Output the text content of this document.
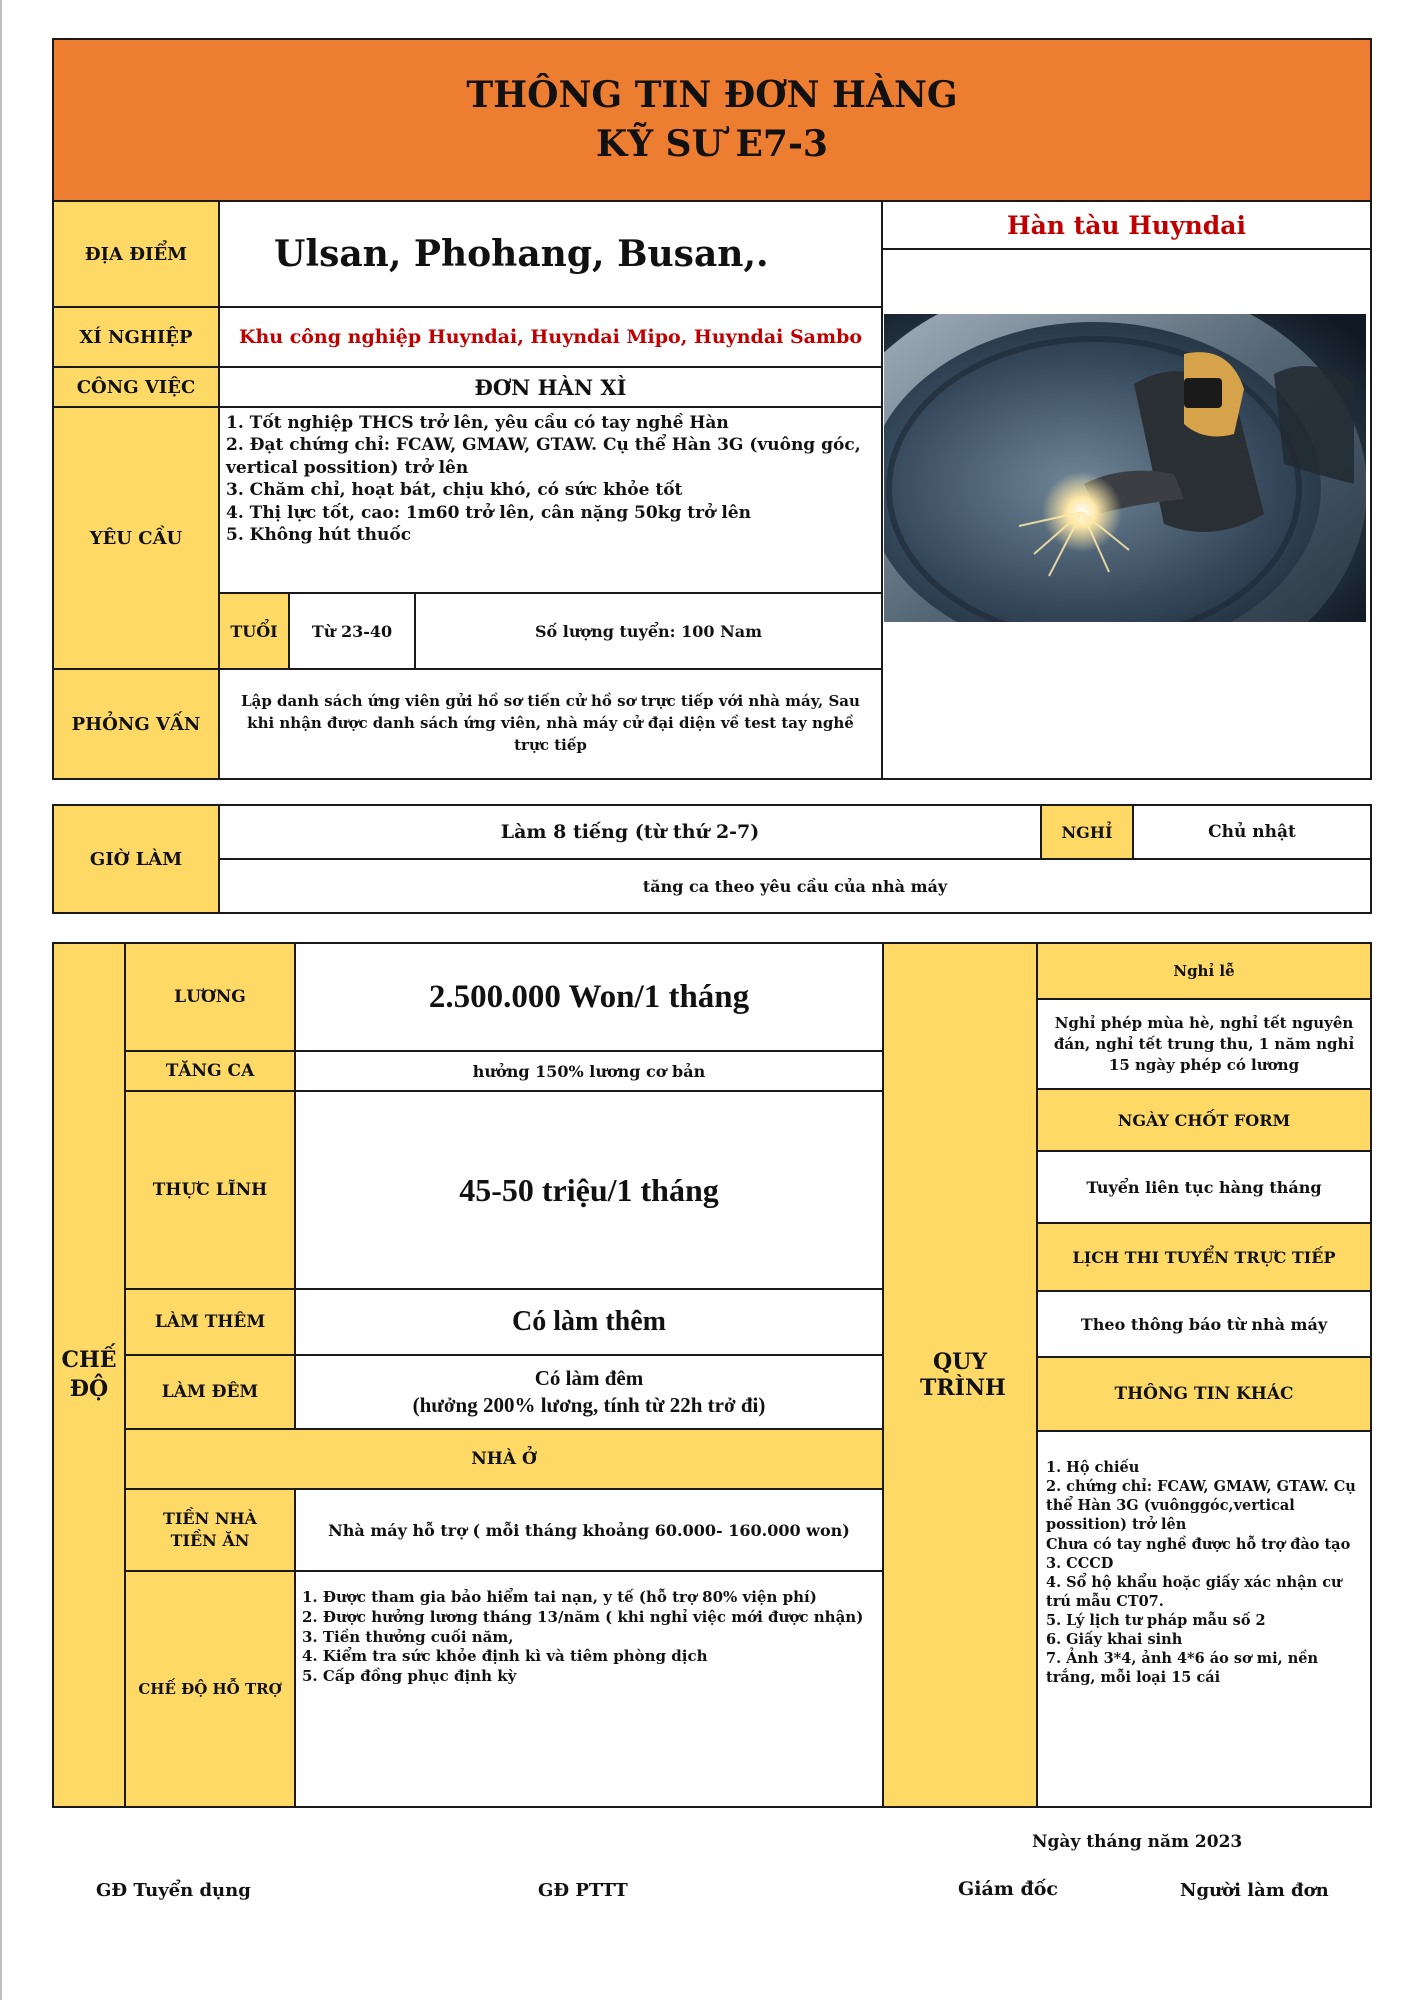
THÔNG TIN ĐƠN HÀNG
KỸ SƯ E7-3
ĐỊA ĐIỂM	Ulsan, Phohang, Busan,.
XÍ NGHIỆP	Khu công nghiệp Huyndai, Huyndai Mipo, Huyndai Sambo
CÔNG VIỆC	ĐƠN HÀN XÌ
YÊU CẦU
1. Tốt nghiệp THCS trở lên, yêu cầu có tay nghề Hàn
2. Đạt chứng chỉ: FCAW, GMAW, GTAW. Cụ thể Hàn 3G (vuông góc, vertical possition) trở lên
3. Chăm chỉ, hoạt bát, chịu khó, có sức khỏe tốt
4. Thị lực tốt, cao: 1m60 trở lên, cân nặng 50kg trở lên
5. Không hút thuốc
TUỔI	Từ 23-40	Số lượng tuyển: 100 Nam
PHỎNG VẤN
Lập danh sách ứng viên gửi hồ sơ tiến cử hồ sơ trực tiếp với nhà máy, Sau khi nhận được danh sách ứng viên, nhà máy cử đại diện về test tay nghề trực tiếp
Hàn tàu Huyndai
GIỜ LÀM
Làm 8 tiếng (từ thứ 2-7)	NGHỈ	Chủ nhật
tăng ca theo yêu cầu của nhà máy
CHẾ ĐỘ
LƯƠNG	2.500.000 Won/1 tháng
TĂNG CA	hưởng 150% lương cơ bản
THỰC LĨNH	45-50 triệu/1 tháng
LÀM THÊM	Có làm thêm
LÀM ĐÊM
Có làm đêm
(hưởng 200% lương, tính từ 22h trở đi)
NHÀ Ở
TIỀN NHÀ TIỀN ĂN
Nhà máy hỗ trợ ( mỗi tháng khoảng 60.000- 160.000 won)
CHẾ ĐỘ HỖ TRỢ
1. Được tham gia bảo hiểm tai nạn, y tế (hỗ trợ 80% viện phí)
2. Được hưởng lương tháng 13/năm ( khi nghỉ việc mới được nhận)
3. Tiền thưởng cuối năm,
4. Kiểm tra sức khỏe định kì và tiêm phòng dịch
5. Cấp đồng phục định kỳ
QUY TRÌNH
Nghỉ lễ
Nghỉ phép mùa hè, nghỉ tết nguyên đán, nghỉ tết trung thu, 1 năm nghỉ 15 ngày phép có lương
NGÀY CHỐT FORM
Tuyển liên tục hàng tháng
LỊCH THI TUYỂN TRỰC TIẾP
Theo thông báo từ nhà máy
THÔNG TIN KHÁC
1. Hộ chiếu
2. chứng chỉ: FCAW, GMAW, GTAW. Cụ thể Hàn 3G (vuônggóc,vertical possition) trở lên
Chưa có tay nghề được hỗ trợ đào tạo
3. CCCD
4. Sổ hộ khẩu hoặc giấy xác nhận cư trú mẫu CT07.
5. Lý lịch tư pháp mẫu số 2
6. Giấy khai sinh
7. Ảnh 3*4, ảnh 4*6 áo sơ mi, nền trắng, mỗi loại 15 cái
Ngày tháng năm 2023
GĐ Tuyển dụng	GĐ PTTT	Giám đốc	Người làm đơn
